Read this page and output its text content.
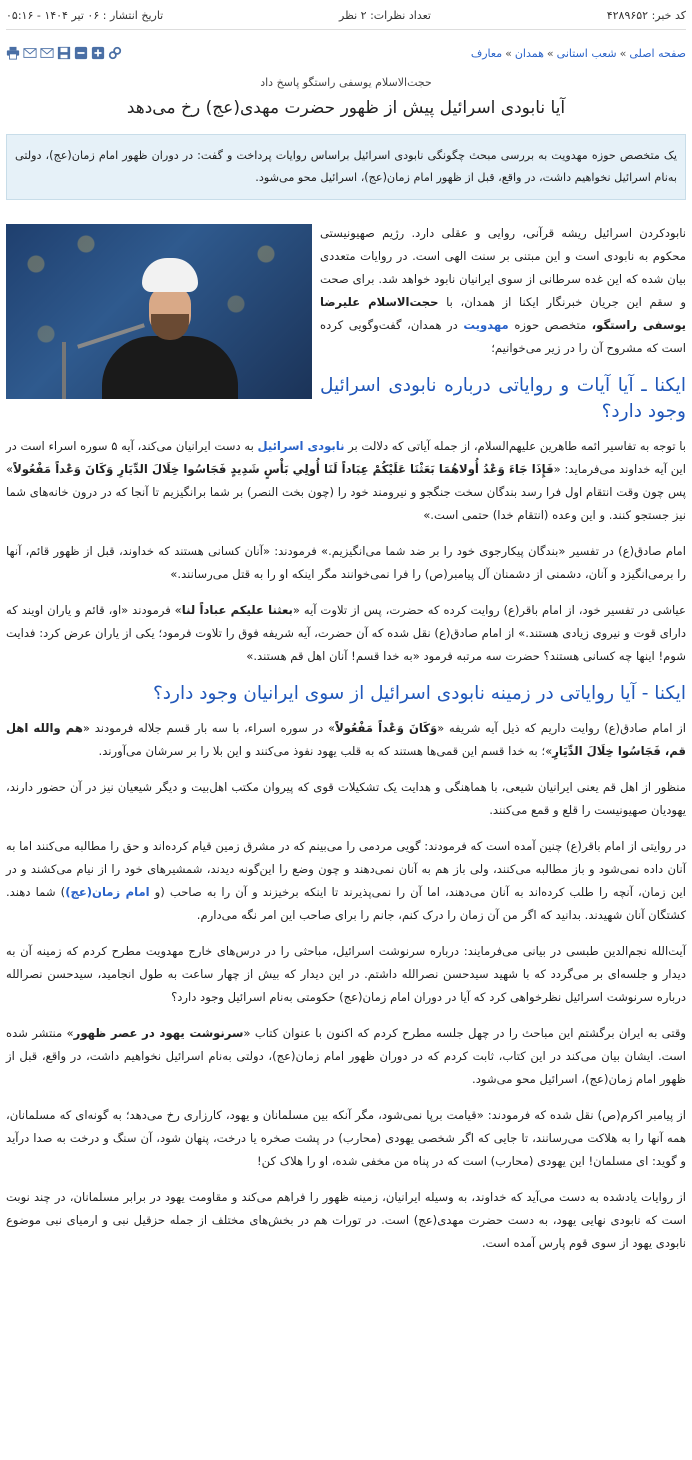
کد خبر: ۴۲۸۹۶۵۲
تعداد نظرات: ۲ نظر
تاریخ انتشار : ۰۶ تیر ۱۴۰۴ - ۰۵:۱۶
صفحه اصلی»شعب استانی»همدان»معارف
حجت‌الاسلام یوسفی راستگو پاسخ داد
آیا نابودی اسرائیل پیش از ظهور حضرت مهدی(عج) رخ می‌دهد
یک متخصص حوزه مهدویت به بررسی مبحث چگونگی نابودی اسرائیل براساس روایات پرداخت و گفت: در دوران ظهور امام زمان(عج)، دولتی به‌نام اسرائیل نخواهیم داشت، در واقع، قبل از ظهور امام زمان(عج)، اسرائیل محو می‌شود.

نابودکردن اسرائیل ریشه قرآنی، روایی و عقلی دارد. رژیم صهیونیستی محکوم به نابودی است و این مبتنی بر سنت الهی است. در روایات متعددی بیان شده که این غده سرطانی از سوی ایرانیان نابود خواهد شد. برای صحت و سقم این جریان خبرنگار ایکنا از همدان، با حجت‌الاسلام علیرضا یوسفی راستگو، متخصص حوزه مهدویت در همدان، گفت‌وگویی کرده است که مشروح آن را در زیر می‌خوانیم؛

ایکنا ـ آیا آیات و روایاتی درباره نابودی اسرائیل وجود دارد؟

با توجه به تفاسیر ائمه طاهرین علیهم‌السلام، از جمله آیاتی که دلالت بر نابودی اسرائیل به دست ایرانیان می‌کند، آیه ۵ سوره اسراء است در این آیه خداوند می‌فرماید: «فَإِذَا جَاءَ وَعْدُ أُولاهُمَا بَعَثْنَا عَلَيْكُمْ عِبَاداً لَنَا أُولِي بَأْسٍ شَدِيدٍ فَجَاسُوا خِلَالَ الدِّيَارِ وَكَانَ وَعْداً مَفْعُولاً» پس چون وقت انتقام اول فرا رسد بندگان سخت جنگجو و نیرومند خود را (چون بخت النصر) بر شما برانگیزیم تا آنجا که در درون خانه‌های شما نیز جستجو کنند. و این وعده (انتقام خدا) حتمی است.»

امام صادق(ع) در تفسیر «بندگان پیکارجوی خود را بر ضد شما می‌انگیزیم.» فرمودند: «آنان کسانی هستند که خداوند، قبل از ظهور قائم، آنها را برمی‌انگیزد و آنان، دشمنی از دشمنان آل پیامبر(ص) را فرا نمی‌خوانند مگر اینکه او را به قتل می‌رسانند.»

عیاشی در تفسیر خود، از امام باقر(ع) روایت کرده که حضرت، پس از تلاوت آیه «بعثنا علیکم عباداً لنا» فرمودند «او، قائم و یاران اویند که دارای قوت و نیروی زیادی هستند.» از امام صادق(ع) نقل شده که آن حضرت، آیه شریفه فوق را تلاوت فرمود؛ یکی از یاران عرض کرد: فدایت شوم! اینها چه کسانی هستند؟ حضرت سه مرتبه فرمود «به خدا قسم! آنان اهل قم هستند.»

ایکنا - آیا روایاتی در زمینه نابودی اسرائیل از سوی ایرانیان وجود دارد؟

از امام صادق(ع) روایت داریم که ذیل آیه شریفه «وَكَانَ وَعْداً مَفْعُولاً» در سوره اسراء، با سه بار قسم جلاله فرمودند «هم والله اهل قم، فَجَاسُوا خِلَالَ الدِّيَارِ»؛ به خدا قسم این قمی‌ها هستند که به قلب یهود نفوذ می‌کنند و این بلا را بر سرشان می‌آورند.

منظور از اهل قم یعنی ایرانیان شیعی، با هماهنگی و هدایت یک تشکیلات قوی که پیروان مکتب اهل‌بیت و دیگر شیعیان نیز در آن حضور دارند، یهودیان صهیونیست را قلع و قمع می‌کنند.

در روایتی از امام باقر(ع) چنین آمده است که فرمودند: گویی مردمی را می‌بینم که در مشرق زمین قیام کرده‌اند و حق را مطالبه می‌کنند اما به آنان داده نمی‌شود و باز مطالبه می‌کنند، ولی باز هم به آنان نمی‌دهند و چون وضع را این‌گونه دیدند، شمشیرهای خود را از نیام می‌کشند و در این زمان، آنچه را طلب کرده‌اند به آنان می‌دهند، اما آن را نمی‌پذیرند تا اینکه برخیزند و آن را به صاحب (و امام زمان(عج)) شما دهند. کشتگان آنان شهیدند. بدانید که اگر من آن زمان را درک کنم، جانم را برای صاحب این امر نگه می‌دارم.

آیت‌الله نجم‌الدین طبسی در بیانی می‌فرمایند: درباره سرنوشت اسرائیل، مباحثی را در درس‌های خارج مهدویت مطرح کردم که زمینه آن به دیدار و جلسه‌ای بر می‌گردد که با شهید سیدحسن نصرالله داشتم. در این دیدار که بیش از چهار ساعت به طول انجامید، سیدحسن نصرالله درباره سرنوشت اسرائیل نظرخواهی کرد که آیا در دوران امام زمان(عج) حکومتی به‌نام اسرائیل وجود دارد؟

وقتی به ایران برگشتم این مباحث را در چهل جلسه مطرح کردم که اکنون با عنوان کتاب «سرنوشت یهود در عصر ظهور» منتشر شده است. ایشان بیان می‌کند در این کتاب، ثابت کردم که در دوران ظهور امام زمان(عج)، دولتی به‌نام اسرائیل نخواهیم داشت، در واقع، قبل از ظهور امام زمان(عج)، اسرائیل محو می‌شود.

از پیامبر اکرم(ص) نقل شده که فرمودند: «قیامت برپا نمی‌شود، مگر آنکه بین مسلمانان و یهود، کارزاری رخ می‌دهد؛ به گونه‌ای که مسلمانان، همه آنها را به هلاکت می‌رسانند، تا جایی که اگر شخصی یهودی (محارب) در پشت صخره یا درخت، پنهان شود، آن سنگ و درخت به صدا درآید و گوید: ای مسلمان! این یهودی (محارب) است که در پناه من مخفی شده، او را هلاک کن!

از روایات یادشده به دست می‌آید که خداوند، به وسیله ایرانیان، زمینه ظهور را فراهم می‌کند و مقاومت یهود در برابر مسلمانان، در چند نوبت است که نابودی نهایی یهود، به دست حضرت مهدی(عج) است. در تورات هم در بخش‌های مختلف از جمله حزقیل نبی و ارمیای نبی موضوع نابودی یهود از سوی قوم پارس آمده است.
